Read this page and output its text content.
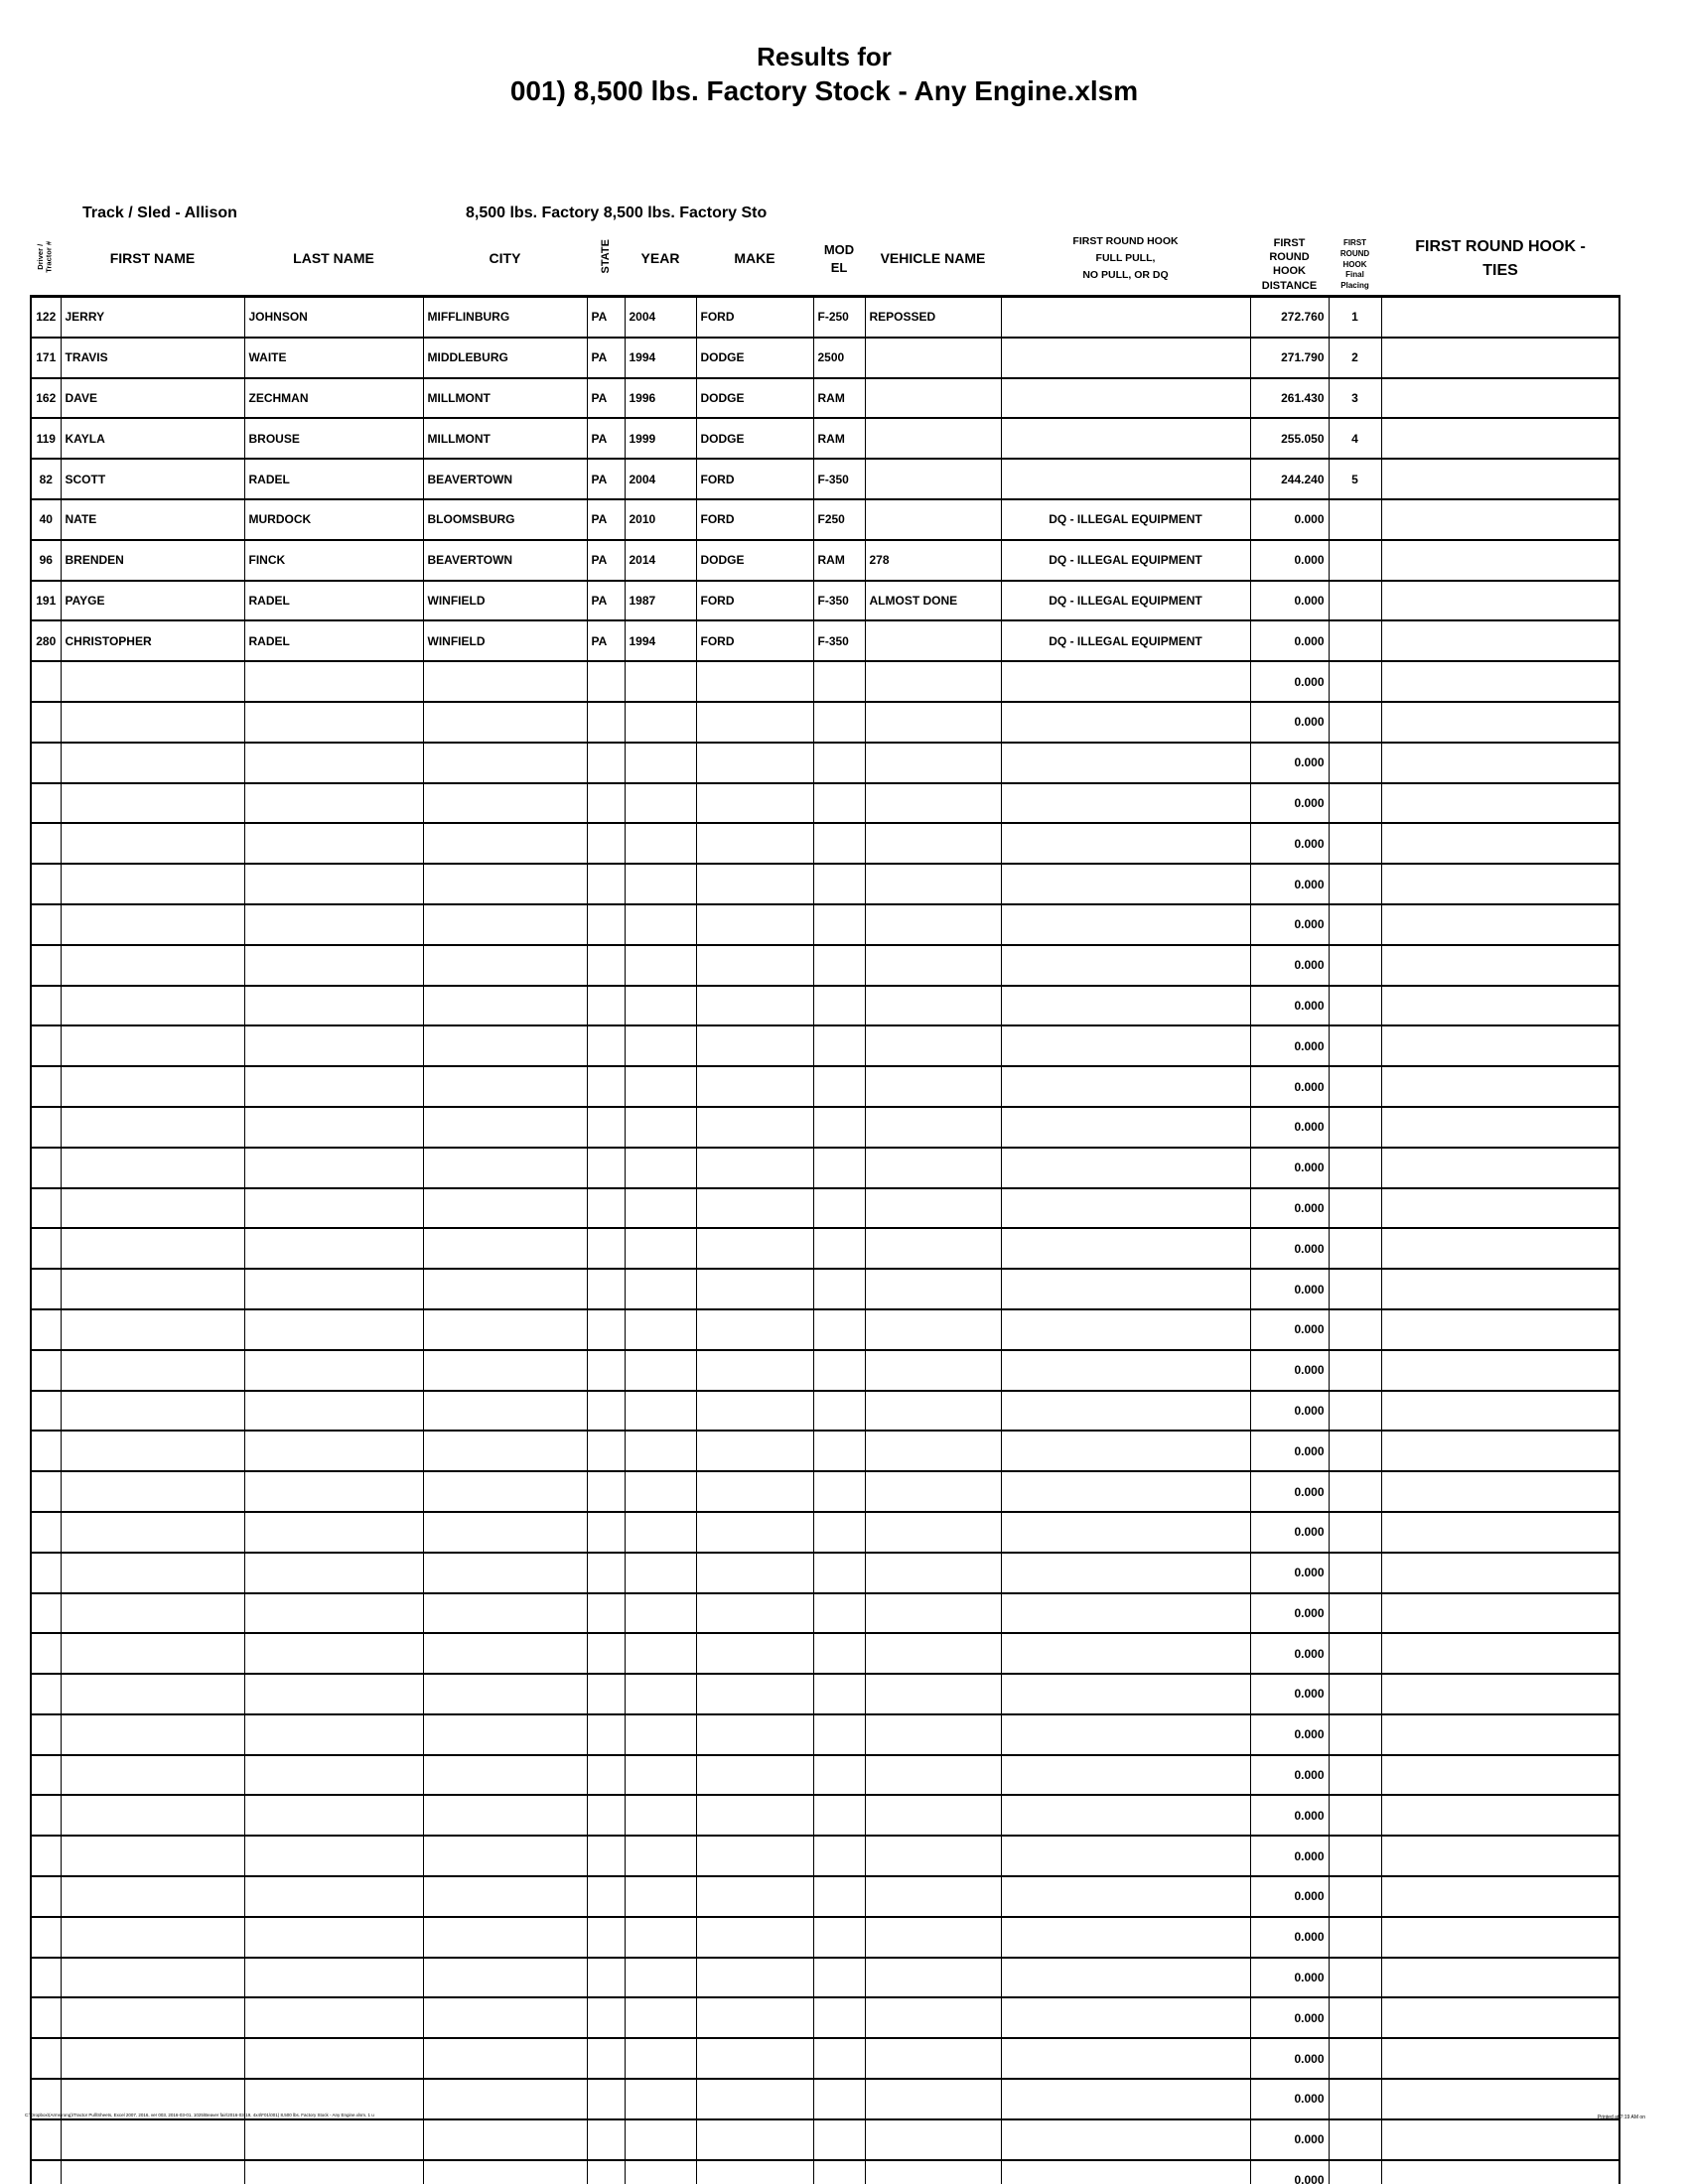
Results for
001) 8,500 lbs. Factory Stock - Any Engine.xlsm
Track / Sled - Allison	8,500 lbs. Factory 8,500 lbs. Factory Sto
Driver /
Tractor #	FIRST NAME	LAST NAME	CITY	STATE	YEAR	MAKE	MOD
EL	VEHICLE NAME	FIRST ROUND HOOK
FULL PULL,
NO PULL, OR DQ	FIRST
ROUND
HOOK
DISTANCE	FIRST
ROUND
HOOK
Final
Placing	FIRST ROUND HOOK -
TIES
122	JERRY	JOHNSON	MIFFLINBURG	PA	2004	FORD	F-250	REPOSSED		272.760	1	
171	TRAVIS	WAITE	MIDDLEBURG	PA	1994	DODGE	2500			271.790	2	
162	DAVE	ZECHMAN	MILLMONT	PA	1996	DODGE	RAM			261.430	3	
119	KAYLA	BROUSE	MILLMONT	PA	1999	DODGE	RAM			255.050	4	
82	SCOTT	RADEL	BEAVERTOWN	PA	2004	FORD	F-350			244.240	5	
40	NATE	MURDOCK	BLOOMSBURG	PA	2010	FORD	F250		DQ - ILLEGAL EQUIPMENT	0.000		
96	BRENDEN	FINCK	BEAVERTOWN	PA	2014	DODGE	RAM	278	DQ - ILLEGAL EQUIPMENT	0.000		
191	PAYGE	RADEL	WINFIELD	PA	1987	FORD	F-350	ALMOST DONE	DQ - ILLEGAL EQUIPMENT	0.000		
280	CHRISTOPHER	RADEL	WINFIELD	PA	1994	FORD	F-350		DQ - ILLEGAL EQUIPMENT	0.000		
										0.000		
										0.000		
										0.000		
										0.000		
										0.000		
										0.000		
										0.000		
										0.000		
										0.000		
										0.000		
										0.000		
										0.000		
										0.000		
										0.000		
										0.000		
										0.000		
										0.000		
										0.000		
										0.000		
										0.000		
										0.000		
										0.000		
										0.000		
										0.000		
										0.000		
										0.000		
										0.000		
										0.000		
										0.000		
										0.000		
										0.000		
										0.000		
										0.000		
										0.000		
										0.000		
										0.000		
										0.000		
										0.000		
C:\Dropbox\(Armstrong)\Tractor Pull\Sheets, Excel 2007, 2016, ver 003, 2016-03-01, 1025\Beaver fair\2016-03-19, 4x4\F01\001) 8,500 lbs. Factory Stock - Any Engine.xlsm, 1 u	Printed at 7:19 AM on
